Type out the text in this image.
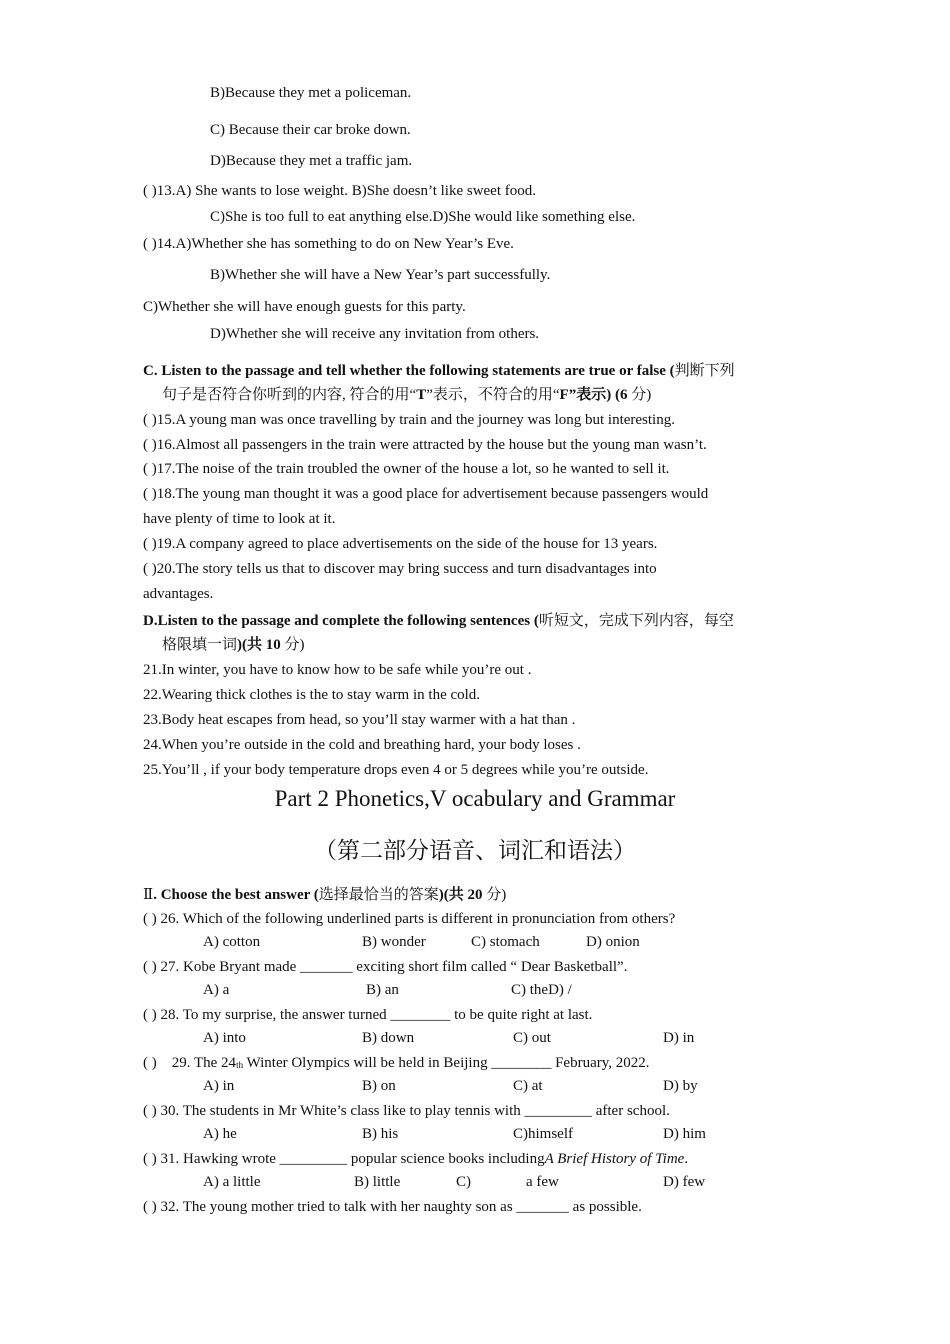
B)Because they met a policeman.
C) Because their car broke down.
D)Because they met a traffic jam.
( )13.A) She wants to lose weight. B)She doesn’t like sweet food.
C)She is too full to eat anything else.D)She would like something else.
( )14.A)Whether she has something to do on New Year’s Eve.
B)Whether she will have a New Year’s part successfully.
C)Whether she will have enough guests for this party.
D)Whether she will receive any invitation from others.
C. Listen to the passage and tell whether the following statements are true or false (判断下列
句子是否符合你听到的内容, 符合的用“T”表示，不符合的用“F”表示) (6 分)
( )15.A young man was once travelling by train and the journey was long but interesting.
( )16.Almost all passengers in the train were attracted by the house but the young man wasn’t.
( )17.The noise of the train troubled the owner of the house a lot, so he wanted to sell it.
( )18.The young man thought it was a good place for advertisement because passengers would
have plenty of time to look at it.
( )19.A company agreed to place advertisements on the side of the house for 13 years.
( )20.The story tells us that to discover may bring success and turn disadvantages into
advantages.
D.Listen to the passage and complete the following sentences (听短文，完成下列内容，每空
格限填一词)(共 10 分)
21.In winter, you have to know how to be safe while you’re out .
22.Wearing thick clothes is the to stay warm in the cold.
23.Body heat escapes from head, so you’ll stay warmer with a hat than .
24.When you’re outside in the cold and breathing hard, your body loses .
25.You’ll , if your body temperature drops even 4 or 5 degrees while you’re outside.
Part 2 Phonetics,V ocabulary and Grammar
（第二部分语音、词汇和语法）
Ⅱ. Choose the best answer (选择最恰当的答案)(共 20 分)
( ) 26. Which of the following underlined parts is different in pronunciation from others?
A) cotton	B) wonder	C) stomach	D) onion
( ) 27. Kobe Bryant made _______ exciting short film called “ Dear Basketball”.
A) a	B) an	C) theD) /
( ) 28. To my surprise, the answer turned ________ to be quite right at last.
A) into	B) down	C) out	D) in
( ) 29. The 24th Winter Olympics will be held in Beijing ________ February, 2022.
A) in	B) on	C) at	D) by
( ) 30. The students in Mr White’s class like to play tennis with _________ after school.
A) he	B) his	C)himself	D) him
( ) 31. Hawking wrote _________ popular science books includingA Brief History of Time.
A) a little	B) little	C)	a few	D) few
( ) 32. The young mother tried to talk with her naughty son as _______ as possible.
